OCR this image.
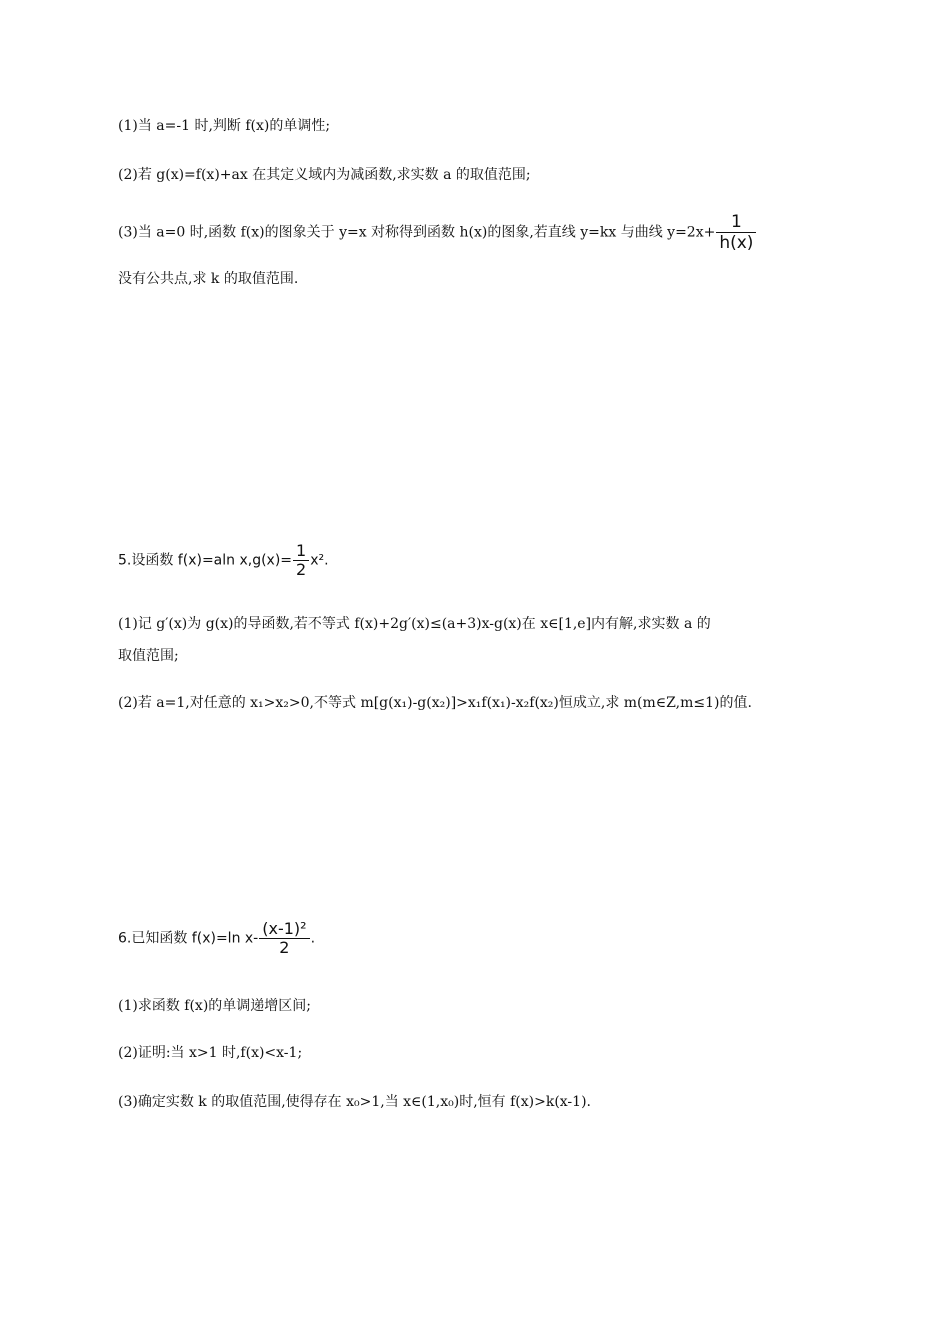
(1)当 a=-1 时,判断 f(x)的单调性;
(2)若 g(x)=f(x)+ax 在其定义域内为减函数,求实数 a 的取值范围;
(3)当 a=0 时,函数 f(x)的图象关于 y=x 对称得到函数 h(x)的图象,若直线 y=kx 与曲线 $y=2x+ \frac{1}{h(x)}$
没有公共点,求 k 的取值范围.
5.设函数 f(x)=aln $x,g(x)= \frac{1}{2} x^2$.
(1)记 g′(x)为 g(x)的导函数,若不等式 f(x)+2g′(x)≤(a+3)x-g(x)在 x∈[1,e]内有解,求实数 a 的
取值范围;
(2)若 a=1,对任意的 x₁>x₂>0,不等式 m[g(x₁)-g(x₂)]>x₁f(x₁)-x₂f(x₂)恒成立,求 m(m∈Z,m≤1)的值.
6.已知函数 f(x)=ln $x- \frac{\text{(x-1)²}}{2}$ .
(1)求函数 f(x)的单调递增区间;
(2)证明:当 x>1 时,f(x)<x-1;
(3)确定实数 k 的取值范围,使得存在 x₀>1,当 x∈(1,x₀)时,恒有 f(x)>k(x-1).
